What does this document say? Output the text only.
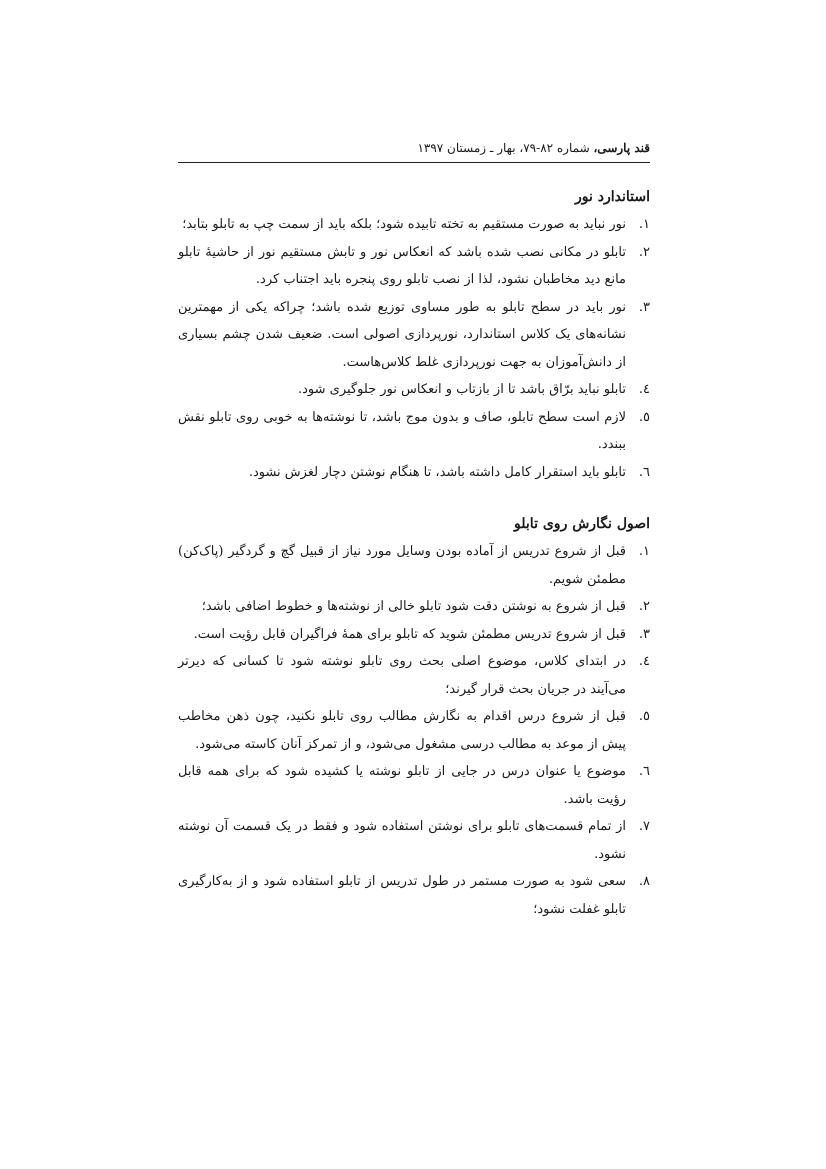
قند پارسی، شماره ۸۲-۷۹، بهار ـ زمستان ۱۳۹۷
استاندارد نور
۱.
نور نباید به صورت مستقیم به تخته تابیده شود؛ بلکه باید از سمت چپ به تابلو بتابد؛
۲.
تابلو در مکانی نصب شده باشد که انعکاس نور و تابش مستقیم نور از حاشیهٔ تابلو مانع دید مخاطبان نشود، لذا از نصب تابلو روی پنجره باید اجتناب کرد.
۳.
نور باید در سطح تابلو به طور مساوی توزیع شده باشد؛ چراکه یکی از مهمترین نشانه‌های یک کلاس استاندارد، نورپردازی اصولی است. ضعیف شدن چشم بسیاری از دانش‌آموزان به جهت نورپردازی غلط کلاس‌هاست.
٤.
تابلو نباید برّاق باشد تا از بازتاب و انعکاس نور جلوگیری شود.
٥.
لازم است سطح تابلو، صاف و بدون موج باشد، تا نوشته‌ها به خوبی روی تابلو نقش ببندد.
٦.
تابلو باید استقرار کامل داشته باشد، تا هنگام نوشتن دچار لغزش نشود.
اصول نگارش روی تابلو
۱.
قبل از شروع تدریس از آماده بودن وسایل مورد نیاز از قبیل گچ و گردگیر (پاک‌کن) مطمئن شویم.
۲.
قبل از شروع به نوشتن دقت شود تابلو خالی از نوشته‌ها و خطوط اضافی باشد؛
۳.
قبل از شروع تدریس مطمئن شوید که تابلو برای همهٔ فراگیران قابل رؤیت است.
٤.
در ابتدای کلاس، موضوع اصلی بحث روی تابلو نوشته شود تا کسانی که دیرتر می‌آیند در جریان بحث قرار گیرند؛
٥.
قبل از شروع درس اقدام به نگارش مطالب روی تابلو نکنید، چون ذهن مخاطب پیش از موعد به مطالب درسی مشغول می‌شود، و از تمرکز آنان کاسته می‌شود.
٦.
موضوع یا عنوان درس در جایی از تابلو نوشته یا کشیده شود که برای همه قابل رؤیت باشد.
۷.
از تمام قسمت‌های تابلو برای نوشتن استفاده شود و فقط در یک قسمت آن نوشته نشود.
۸.
سعی شود به صورت مستمر در طول تدریس از تابلو استفاده شود و از به‌کارگیری تابلو غفلت نشود؛
